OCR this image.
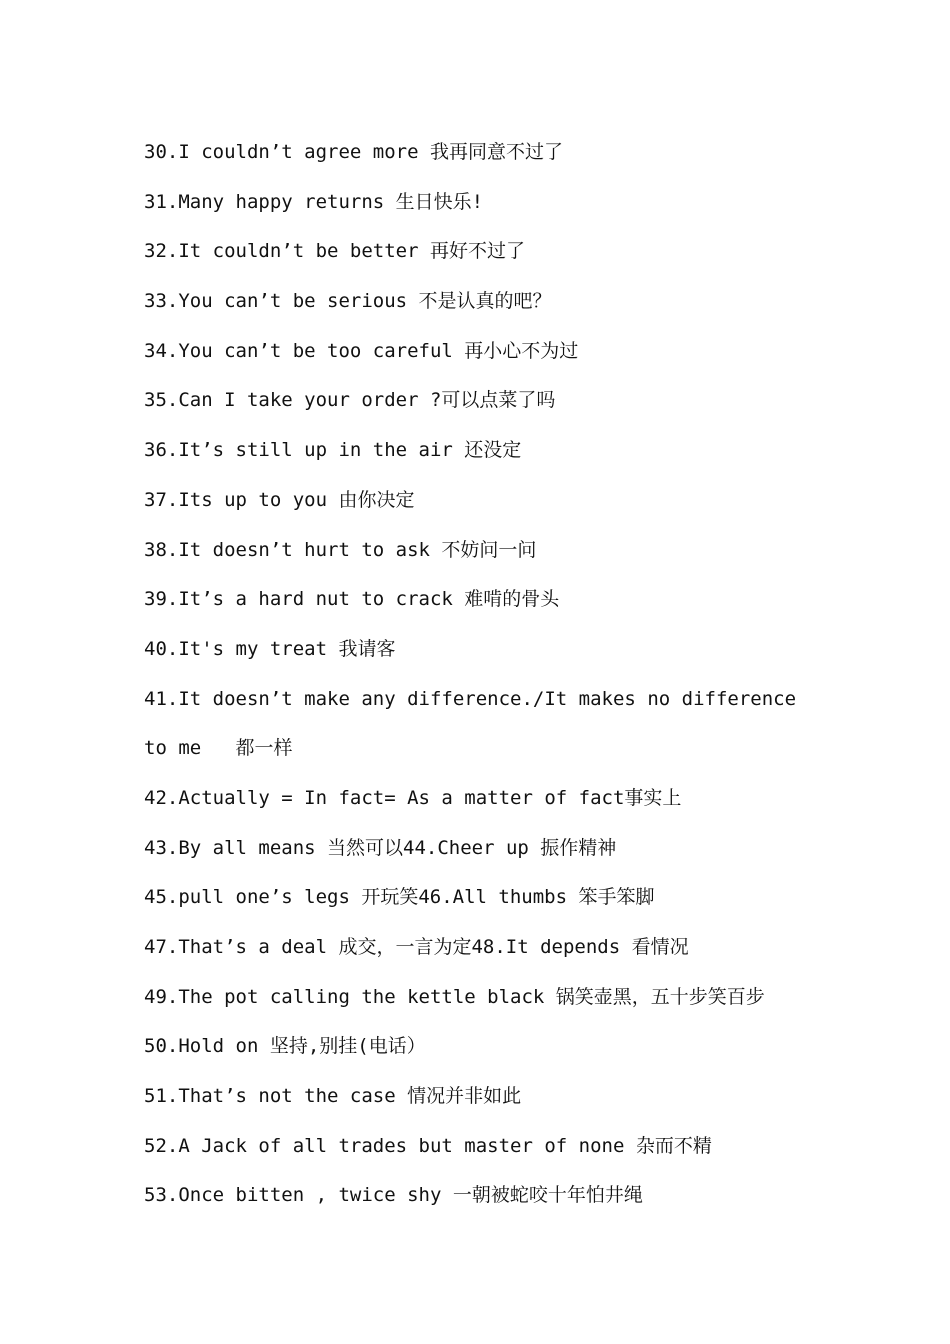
30.I couldn’t agree more 我再同意不过了
31.Many happy returns 生日快乐!
32.It couldn’t be better 再好不过了
33.You can’t be serious 不是认真的吧？
34.You can’t be too careful 再小心不为过
35.Can I take your order ?可以点菜了吗
36.It’s still up in the air 还没定
37.Its up to you 由你决定
38.It doesn’t hurt to ask 不妨问一问
39.It’s a hard nut to crack 难啃的骨头
40.It's my treat 我请客
41.It doesn’t make any difference./It makes no difference
to me   都一样
42.Actually = In fact= As a matter of fact事实上
43.By all means 当然可以44.Cheer up 振作精神
45.pull one’s legs 开玩笑46.All thumbs 笨手笨脚
47.That’s a deal 成交，一言为定48.It depends 看情况
49.The pot calling the kettle black 锅笑壶黑，五十步笑百步
50.Hold on 坚持,别挂(电话）
51.That’s not the case 情况并非如此
52.A Jack of all trades but master of none 杂而不精
53.Once bitten , twice shy 一朝被蛇咬十年怕井绳
